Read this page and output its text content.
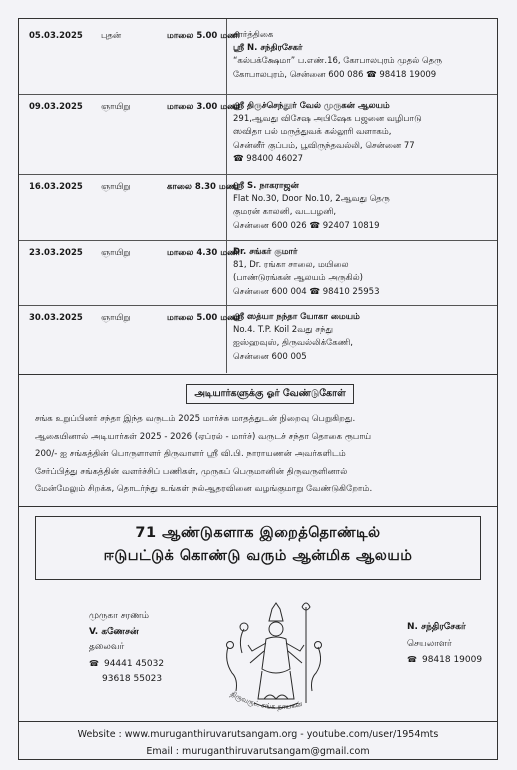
05.03.2025 புதன்	மாலை 5.00 மணி
கார்த்திகை
ஸ்ரீ N. சந்திரசேகர்
“கல்பக்க்ஷேமா” ப.எண்.16, கோபாலபுரம் முதல் தெரு
கோபாலபுரம், சென்னை 600 086 ☎ 98418 19009
09.03.2025 ஞாயிறு	மாலை 3.00 மணி
ஸ்ரீ திருச்செந்தூர் வேல் முருகன் ஆலயம்
291,ஆவது விசேஷ அபிஷேக பஜனை வழிபாடு
ஸவிதா பல் மருத்துவக் கல்லூரி வளாகம்,
சென்னீர் குப்பம், பூவிருந்தவல்லி, சென்னை 77
☎ 98400 46027
16.03.2025 ஞாயிறு	காலை 8.30 மணி
ஸ்ரீ S. நாகராஜன்
Flat No.30, Door No.10, 2ஆவது தெரு
குமரன் காலனி, வடபழனி,
சென்னை 600 026 ☎ 92407 10819
23.03.2025 ஞாயிறு	மாலை 4.30 மணி
Dr. சங்கர் குமார்
81, Dr. ரங்கா சாலை, மயிலை
(பாண்டுரங்கன் ஆலயம் அருகில்)
சென்னை 600 004 ☎ 98410 25953
30.03.2025 ஞாயிறு	மாலை 5.00 மணி
ஸ்ரீ ஸத்யா நந்தா யோகா மையம்
No.4. T.P. Koil 2வது சந்து
ஐஸ்ஹவுஸ், திருவல்லிக்கேணி,
சென்னை 600 005
அடியார்களுக்கு ஓர் வேண்டுகோள்
சங்க உறுப்பினர் சந்தா இந்த வருடம் 2025 மார்ச்சு மாதத்துடன் நிறைவு பெறுகிறது.
ஆகையினால் அடியார்கள் 2025 - 2026 (ஏப்ரல் - மார்ச்) வருடச் சந்தா தொகை ரூபாய்
200/- ஐ சங்கத்தின் பொருளாளர் திருவாளர் ஸ்ரீ வி.பி. நாராயணன் அவர்களிடம்
சேர்ப்பித்து சங்கத்தின் வளர்ச்சிப் பணிகள், முருகப் பெருமானின் திருவருளினால்
மேன்மேலும் சிறக்க, தொடர்ந்து உங்கள் நல்ஆதரவினை வழங்குமாறு வேண்டுகிறோம்.
71 ஆண்டுகளாக இறைத்தொண்டில்
ஈடுபட்டுக் கொண்டு வரும் ஆன்மிக ஆலயம்
முருகா சரணம்
V. கணேசன்
தலைவர்
☎ 94441 45032
93618 55023
திருவருட் சங்க நாயகன்
N. சந்திரசேகர்
செயலாளர்
☎ 98418 19009
Website : www.muruganthiruvarutsangam.org - youtube.com/user/1954mts
Email : muruganthiruvarutsangam@gmail.com
